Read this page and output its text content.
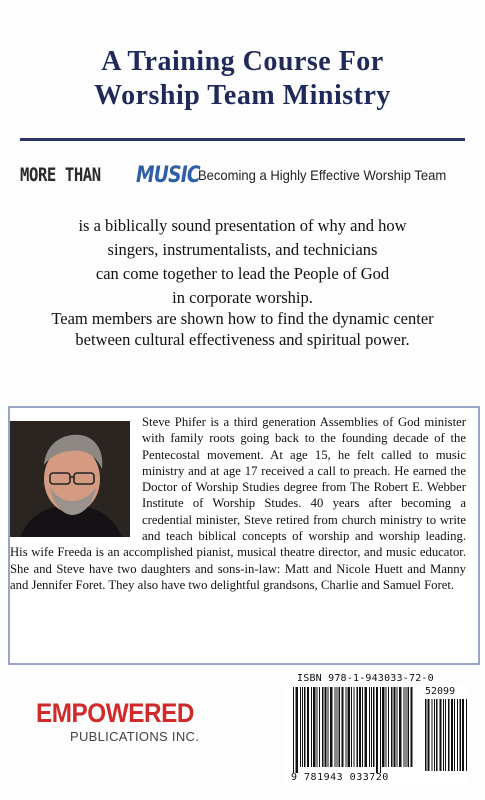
A Training Course For
Worship Team Ministry
MORE THAN	MUSIC
Becoming a Highly Effective Worship Team
is a biblically sound presentation of why and how
singers, instrumentalists, and technicians
can come together to lead the People of God
in corporate worship.
Team members are shown how to find the dynamic center
between cultural effectiveness and spiritual power.
Steve Phifer is a third generation Assemblies of God minister with family roots going back to the founding decade of the Pentecostal movement. At age 15, he felt called to music ministry and at age 17 received a call to preach. He earned the Doctor of Worship Studies degree from The Robert E. Webber Institute of Worship Studes. 40 years after becoming a credential minister, Steve retired from church ministry to write and teach biblical concepts of worship and worship leading. His wife Freeda is an accomplished pianist, musical theatre director, and music educator. She and Steve have two daughters and sons-in-law: Matt and Nicole Huett and Manny and Jennifer Foret. They also have two delightful grandsons, Charlie and Samuel Foret.
EMPOWERED
PUBLICATIONS INC.
ISBN 978-1-943033-72-0
52099
9 781943 033720
